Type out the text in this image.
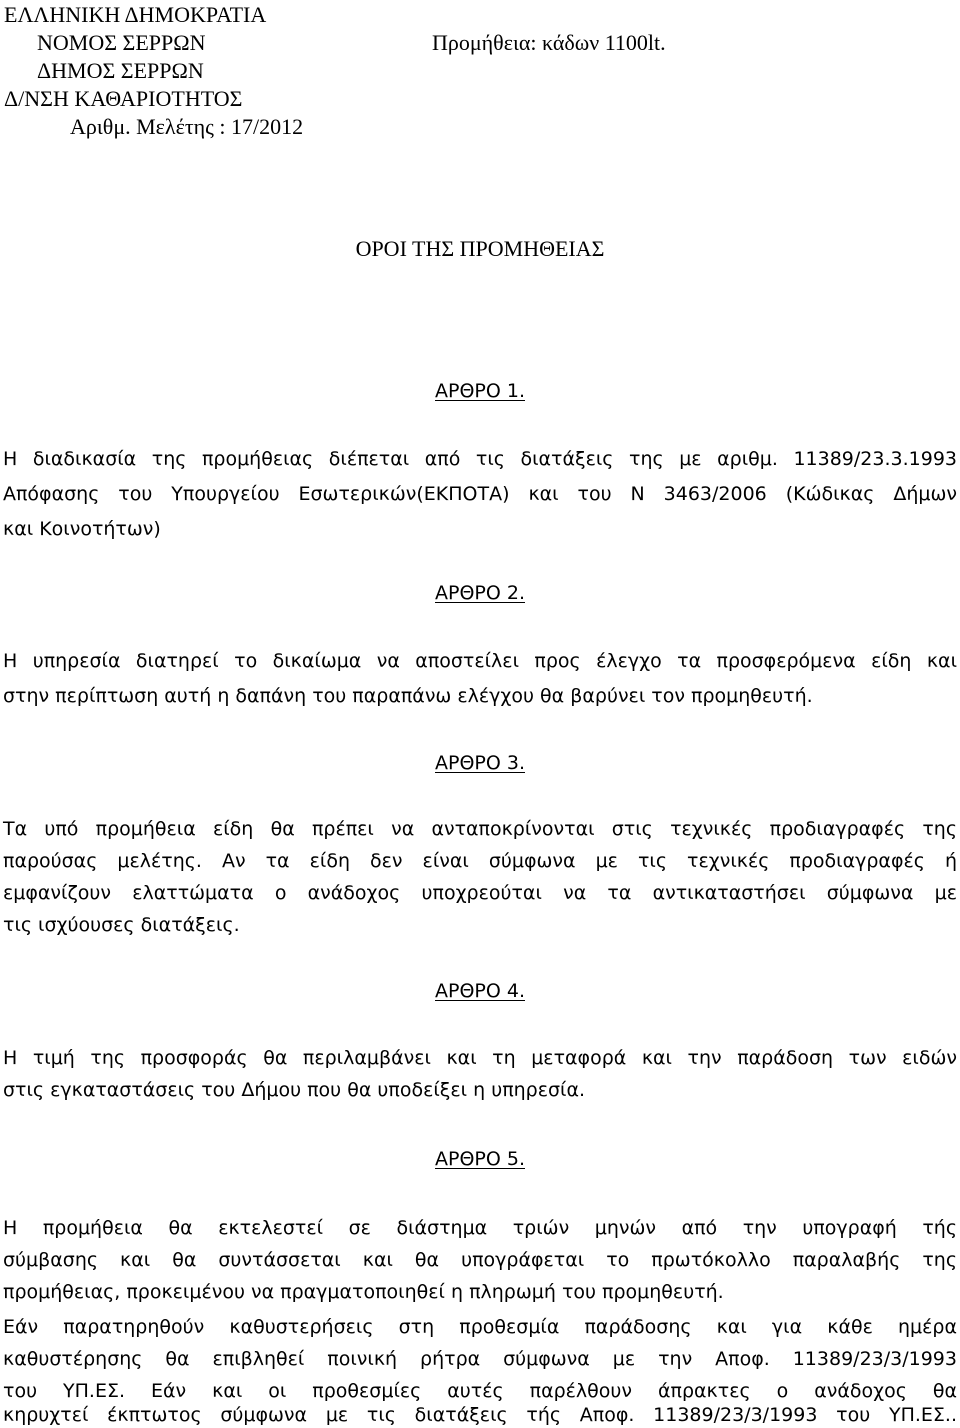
ΕΛΛΗΝΙΚΗ ΔΗΜΟΚΡΑΤΙΑ
ΝΟΜΟΣ ΣΕΡΡΩΝ	Προμήθεια: κάδων 1100lt.
ΔΗΜΟΣ ΣΕΡΡΩΝ
Δ/ΝΣΗ ΚΑΘΑΡΙΟΤΗΤΟΣ
Αριθμ. Μελέτης : 17/2012
ΟΡΟΙ ΤΗΣ ΠΡΟΜΗΘΕΙΑΣ
ΑΡΘΡΟ 1.
Η διαδικασία της προμήθειας διέπεται από τις διατάξεις της με αριθμ. 11389/23.3.1993
Απόφασης του Υπουργείου Εσωτερικών(ΕΚΠΟΤΑ) και του Ν 3463/2006 (Κώδικας Δήμων
και Κοινοτήτων)
ΑΡΘΡΟ 2.
Η υπηρεσία διατηρεί το δικαίωμα να αποστείλει προς έλεγχο τα προσφερόμενα είδη και
στην περίπτωση αυτή η δαπάνη του παραπάνω ελέγχου θα βαρύνει τον προμηθευτή.
ΑΡΘΡΟ 3.
Τα υπό προμήθεια είδη θα πρέπει να ανταποκρίνονται στις τεχνικές προδιαγραφές της
παρούσας μελέτης. Αν τα είδη δεν είναι σύμφωνα με τις τεχνικές προδιαγραφές ή
εμφανίζουν ελαττώματα ο ανάδοχος υποχρεούται να τα αντικαταστήσει σύμφωνα με
τις ισχύουσες διατάξεις.
ΑΡΘΡΟ 4.
Η τιμή της προσφοράς θα περιλαμβάνει και τη μεταφορά και την παράδοση των ειδών
στις εγκαταστάσεις του Δήμου που θα υποδείξει η υπηρεσία.
ΑΡΘΡΟ 5.
Η προμήθεια θα εκτελεστεί σε διάστημα τριών μηνών από την υπογραφή τής
σύμβασης και θα συντάσσεται και θα υπογράφεται το πρωτόκολλο παραλαβής της
προμήθειας, προκειμένου να πραγματοποιηθεί η πληρωμή του προμηθευτή.
Εάν παρατηρηθούν καθυστερήσεις στη προθεσμία παράδοσης και για κάθε ημέρα
καθυστέρησης θα επιβληθεί ποινική ρήτρα σύμφωνα με την Αποφ. 11389/23/3/1993
του ΥΠ.ΕΣ. Εάν και οι προθεσμίες αυτές παρέλθουν άπρακτες ο ανάδοχος θα
κηρυχτεί έκπτωτος σύμφωνα με τις διατάξεις τής Αποφ. 11389/23/3/1993 του ΥΠ.ΕΣ..
